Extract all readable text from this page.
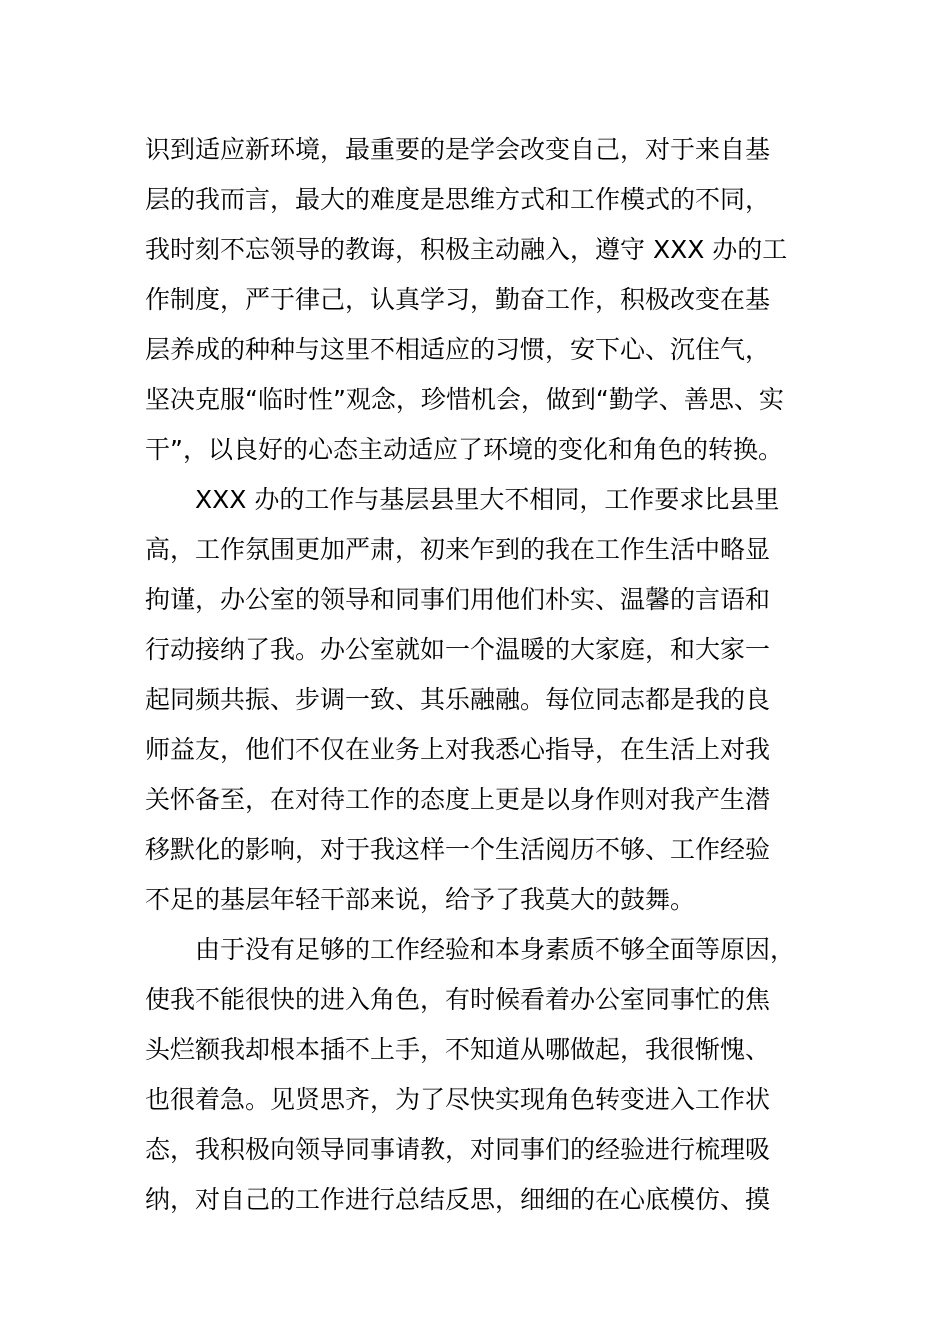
识到适应新环境，最重要的是学会改变自己，对于来自基
层的我而言，最大的难度是思维方式和工作模式的不同，
我时刻不忘领导的教诲，积极主动融入，遵守 XXX 办的工
作制度，严于律己，认真学习，勤奋工作，积极改变在基
层养成的种种与这里不相适应的习惯，安下心、沉住气，
坚决克服“临时性”观念，珍惜机会，做到“勤学、善思、实
干”，以良好的心态主动适应了环境的变化和角色的转换。
XXX 办的工作与基层县里大不相同，工作要求比县里
高，工作氛围更加严肃，初来乍到的我在工作生活中略显
拘谨，办公室的领导和同事们用他们朴实、温馨的言语和
行动接纳了我。办公室就如一个温暖的大家庭，和大家一
起同频共振、步调一致、其乐融融。每位同志都是我的良
师益友，他们不仅在业务上对我悉心指导，在生活上对我
关怀备至，在对待工作的态度上更是以身作则对我产生潜
移默化的影响，对于我这样一个生活阅历不够、工作经验
不足的基层年轻干部来说，给予了我莫大的鼓舞。
由于没有足够的工作经验和本身素质不够全面等原因，
使我不能很快的进入角色，有时候看着办公室同事忙的焦
头烂额我却根本插不上手，不知道从哪做起，我很惭愧、
也很着急。见贤思齐，为了尽快实现角色转变进入工作状
态，我积极向领导同事请教，对同事们的经验进行梳理吸
纳，对自己的工作进行总结反思，细细的在心底模仿、摸
